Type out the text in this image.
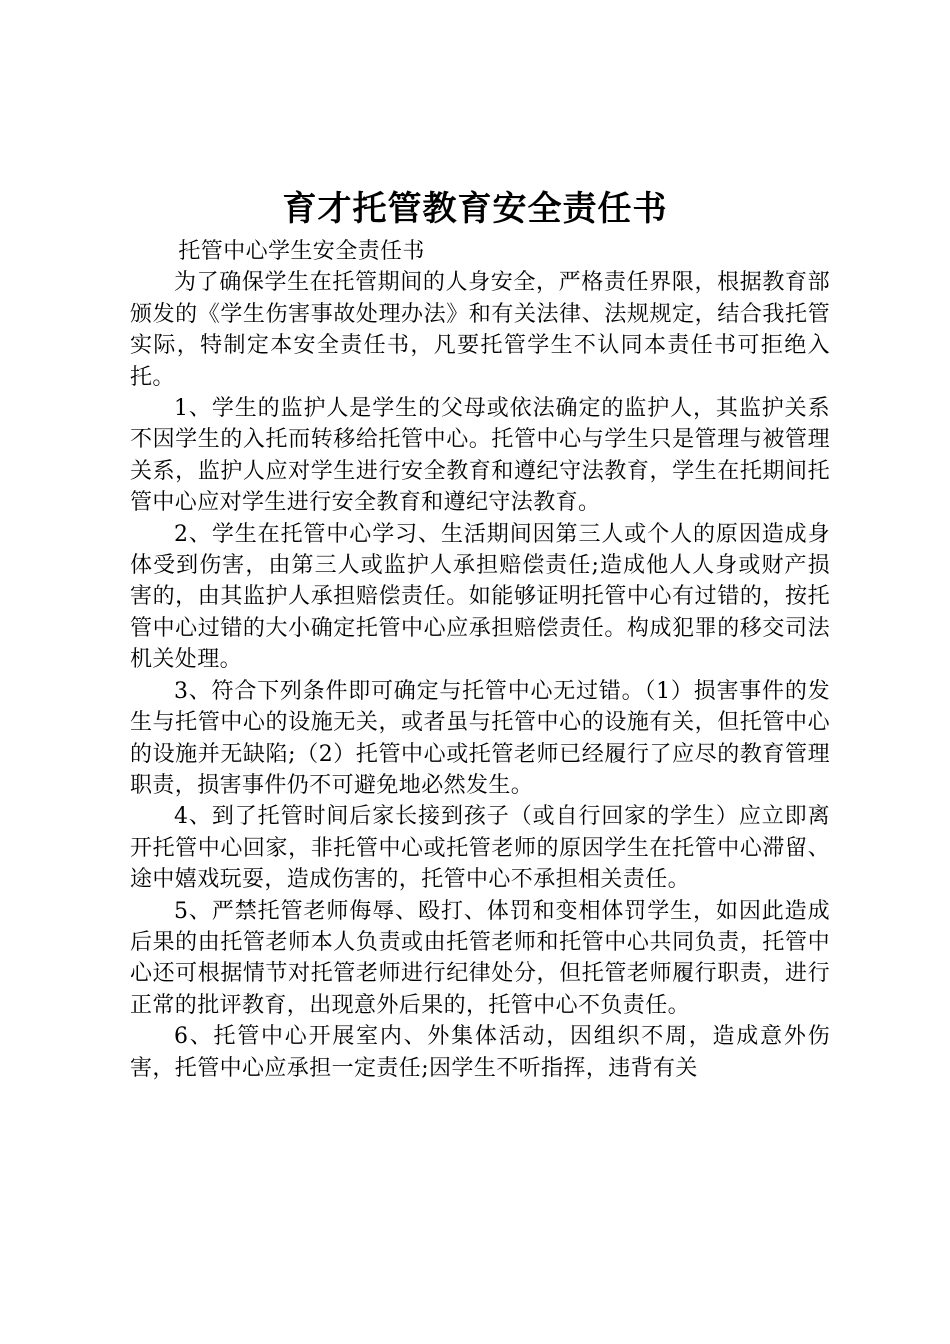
育才托管教育安全责任书

托管中心学生安全责任书

为了确保学生在托管期间的人身安全，严格责任界限，根据教育部颁发的《学生伤害事故处理办法》和有关法律、法规规定，结合我托管实际，特制定本安全责任书，凡要托管学生不认同本责任书可拒绝入托。

1、学生的监护人是学生的父母或依法确定的监护人，其监护关系不因学生的入托而转移给托管中心。托管中心与学生只是管理与被管理关系，监护人应对学生进行安全教育和遵纪守法教育，学生在托期间托管中心应对学生进行安全教育和遵纪守法教育。

2、学生在托管中心学习、生活期间因第三人或个人的原因造成身体受到伤害，由第三人或监护人承担赔偿责任;造成他人人身或财产损害的，由其监护人承担赔偿责任。如能够证明托管中心有过错的，按托管中心过错的大小确定托管中心应承担赔偿责任。构成犯罪的移交司法机关处理。

3、符合下列条件即可确定与托管中心无过错。（1）损害事件的发生与托管中心的设施无关，或者虽与托管中心的设施有关，但托管中心的设施并无缺陷;（2）托管中心或托管老师已经履行了应尽的教育管理职责，损害事件仍不可避免地必然发生。

4、到了托管时间后家长接到孩子（或自行回家的学生）应立即离开托管中心回家，非托管中心或托管老师的原因学生在托管中心滞留、途中嬉戏玩耍，造成伤害的，托管中心不承担相关责任。

5、严禁托管老师侮辱、殴打、体罚和变相体罚学生，如因此造成后果的由托管老师本人负责或由托管老师和托管中心共同负责，托管中心还可根据情节对托管老师进行纪律处分，但托管老师履行职责，进行正常的批评教育，出现意外后果的，托管中心不负责任。

6、托管中心开展室内、外集体活动，因组织不周，造成意外伤害，托管中心应承担一定责任;因学生不听指挥，违背有关
